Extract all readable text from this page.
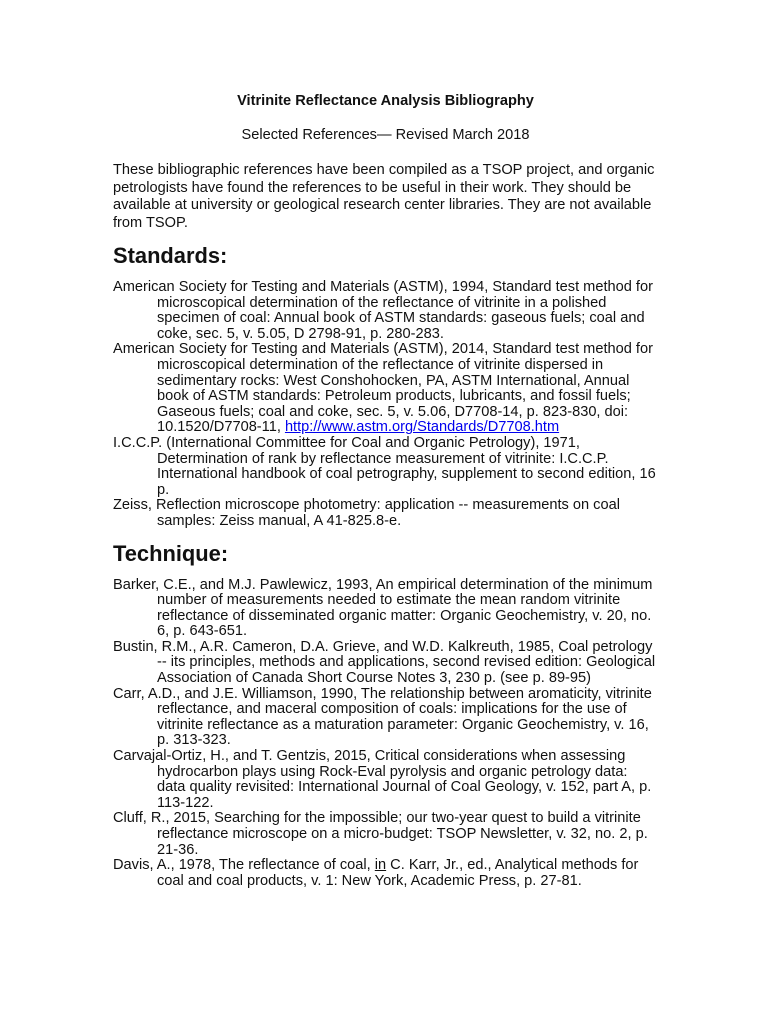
Vitrinite Reflectance Analysis Bibliography

Selected References— Revised March 2018

These bibliographic references have been compiled as a TSOP project, and organic petrologists have found the references to be useful in their work. They should be available at university or geological research center libraries. They are not available from TSOP.

Standards:
American Society for Testing and Materials (ASTM), 1994, Standard test method for microscopical determination of the reflectance of vitrinite in a polished specimen of coal: Annual book of ASTM standards: gaseous fuels; coal and coke, sec. 5, v. 5.05, D 2798-91, p. 280-283.
American Society for Testing and Materials (ASTM), 2014, Standard test method for microscopical determination of the reflectance of vitrinite dispersed in sedimentary rocks: West Conshohocken, PA, ASTM International, Annual book of ASTM standards: Petroleum products, lubricants, and fossil fuels; Gaseous fuels; coal and coke, sec. 5, v. 5.06, D7708-14, p. 823-830, doi: 10.1520/D7708-11, http://www.astm.org/Standards/D7708.htm
I.C.C.P. (International Committee for Coal and Organic Petrology), 1971, Determination of rank by reflectance measurement of vitrinite: I.C.C.P. International handbook of coal petrography, supplement to second edition, 16 p.
Zeiss, Reflection microscope photometry: application -- measurements on coal samples: Zeiss manual, A 41-825.8-e.
Technique:
Barker, C.E., and M.J. Pawlewicz, 1993, An empirical determination of the minimum number of measurements needed to estimate the mean random vitrinite reflectance of disseminated organic matter: Organic Geochemistry, v. 20, no. 6, p. 643-651.
Bustin, R.M., A.R. Cameron, D.A. Grieve, and W.D. Kalkreuth, 1985, Coal petrology -- its principles, methods and applications, second revised edition: Geological Association of Canada Short Course Notes 3, 230 p. (see p. 89-95)
Carr, A.D., and J.E. Williamson, 1990, The relationship between aromaticity, vitrinite reflectance, and maceral composition of coals: implications for the use of vitrinite reflectance as a maturation parameter: Organic Geochemistry, v. 16, p. 313-323.
Carvajal-Ortiz, H., and T. Gentzis, 2015, Critical considerations when assessing hydrocarbon plays using Rock-Eval pyrolysis and organic petrology data: data quality revisited: International Journal of Coal Geology, v. 152, part A, p. 113-122.
Cluff, R., 2015, Searching for the impossible; our two-year quest to build a vitrinite reflectance microscope on a micro-budget: TSOP Newsletter, v. 32, no. 2, p. 21-36.
Davis, A., 1978, The reflectance of coal, in C. Karr, Jr., ed., Analytical methods for coal and coal products, v. 1: New York, Academic Press, p. 27-81.
